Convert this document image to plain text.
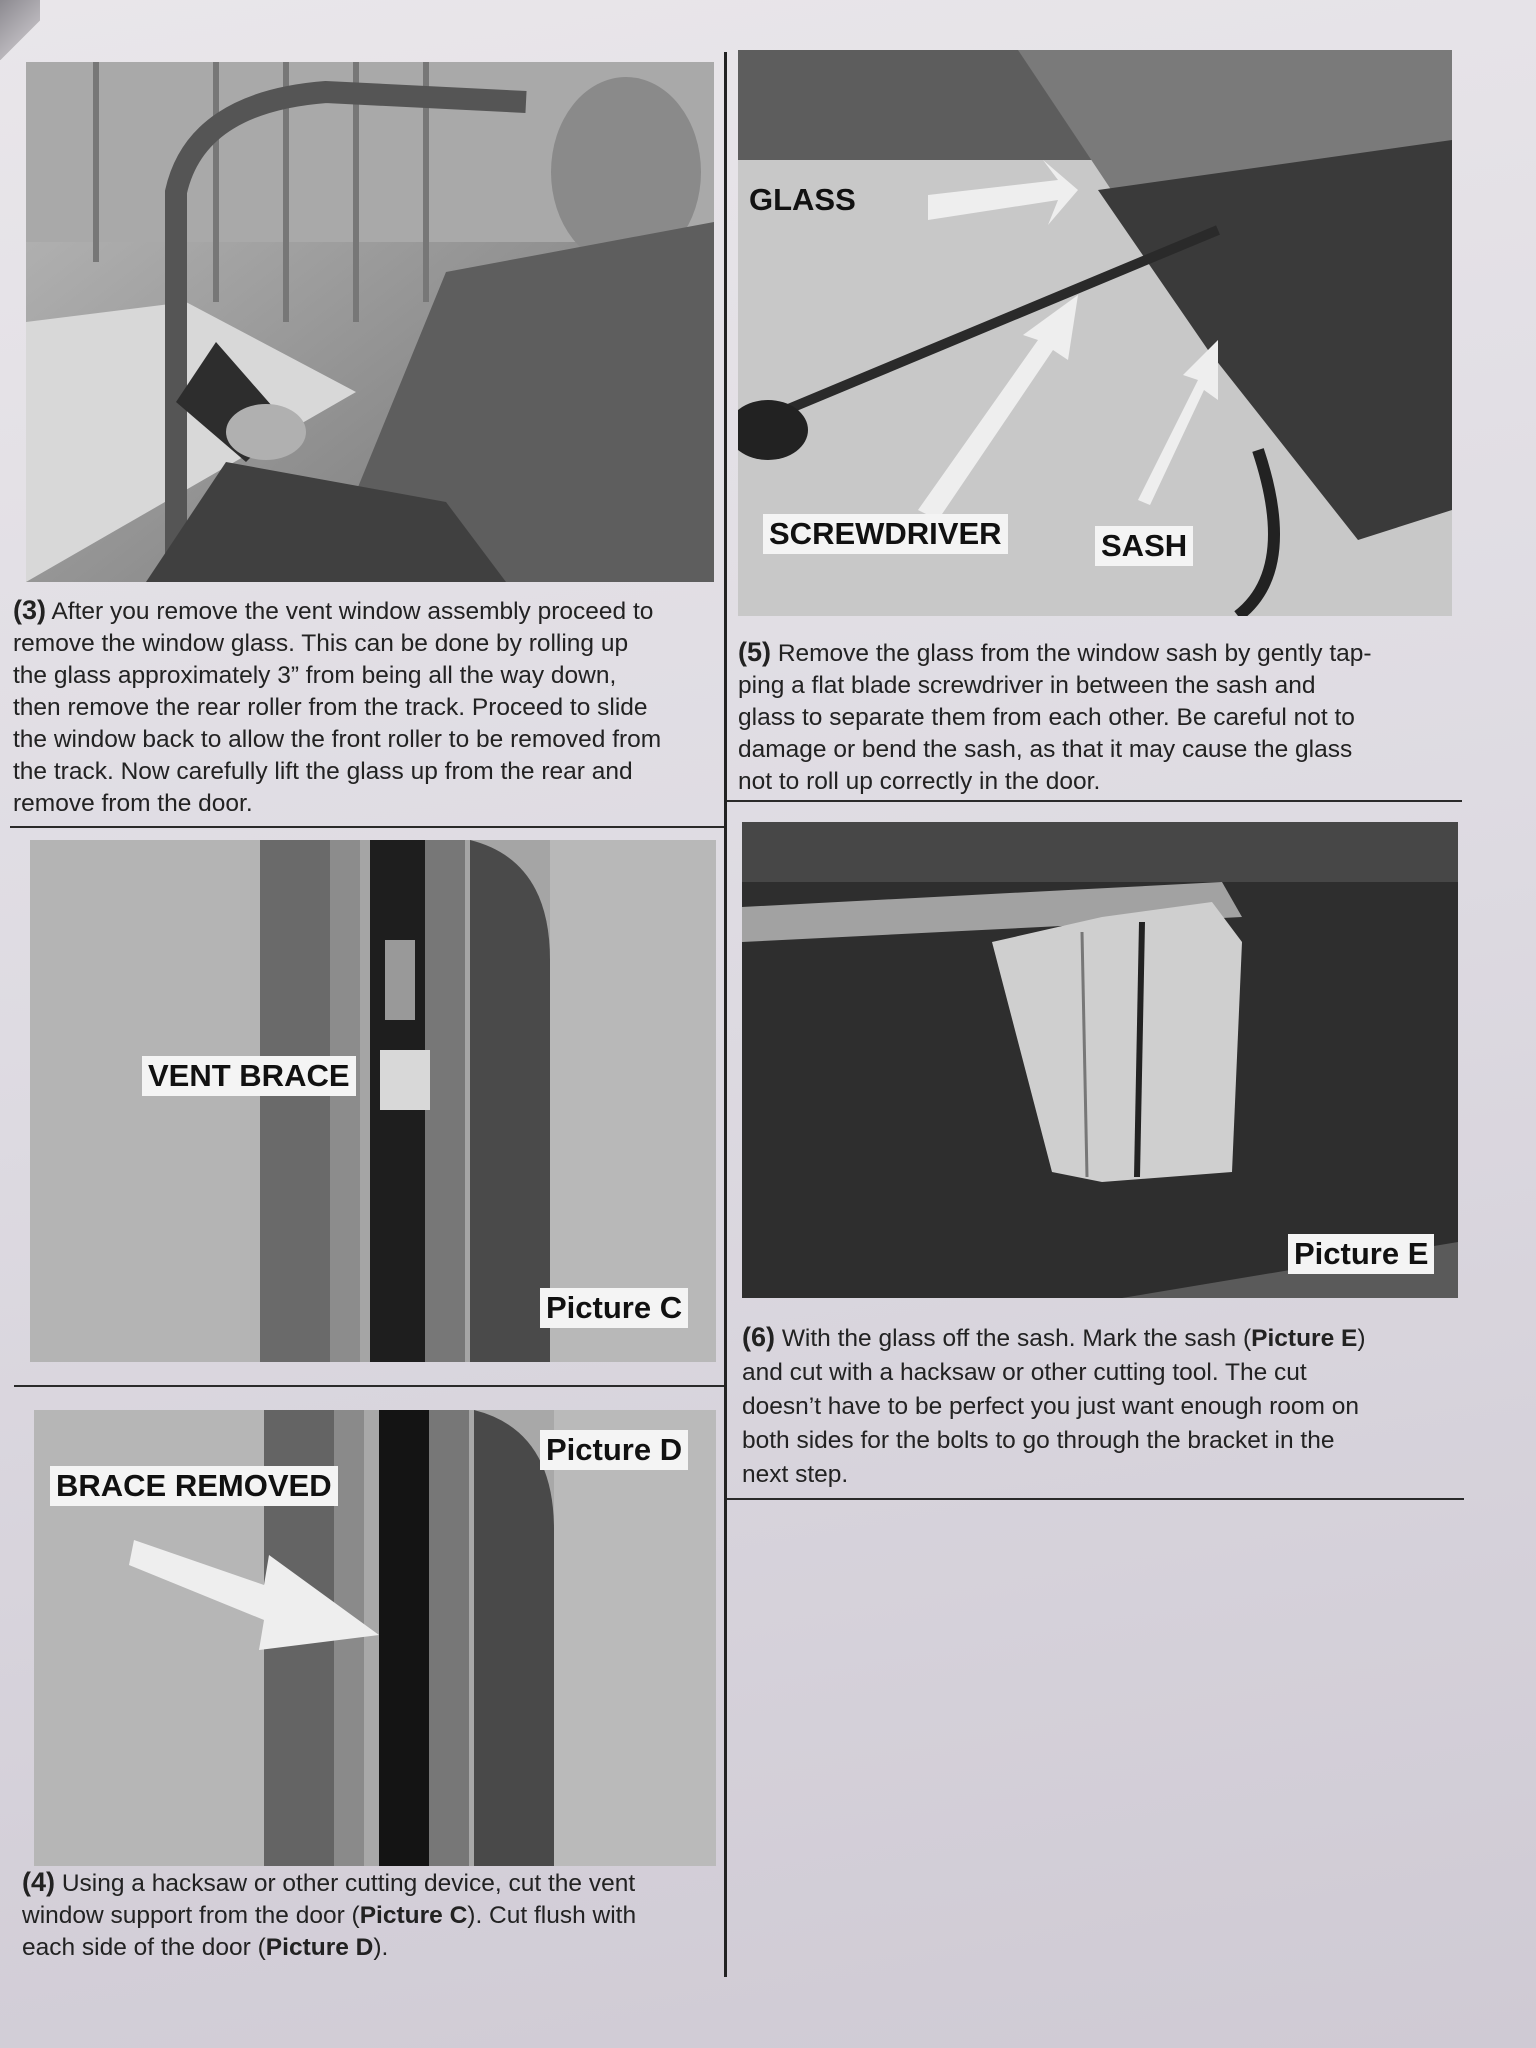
GLASS
SCREWDRIVER	SASH
(3) After you remove the vent window assembly proceed to
remove the window glass. This can be done by rolling up
the glass approximately 3” from being all the way down,
then remove the rear roller from the track. Proceed to slide
the window back to allow the front roller to be removed from
the track. Now carefully lift the glass up from the rear and
remove from the door.
(5) Remove the glass from the window sash by gently tap-
ping a flat blade screwdriver in between the sash and
glass to separate them from each other. Be careful not to
damage or bend the sash, as that it may cause the glass
not to roll up correctly in the door.
VENT BRACE
Picture C
Picture E
(6) With the glass off the sash. Mark the sash (Picture E)
and cut with a hacksaw or other cutting tool. The cut
doesn’t have to be perfect you just want enough room on
both sides for the bolts to go through the bracket in the
next step.
BRACE REMOVED
Picture D
(4) Using a hacksaw or other cutting device, cut the vent
window support from the door (Picture C). Cut flush with
each side of the door (Picture D).
